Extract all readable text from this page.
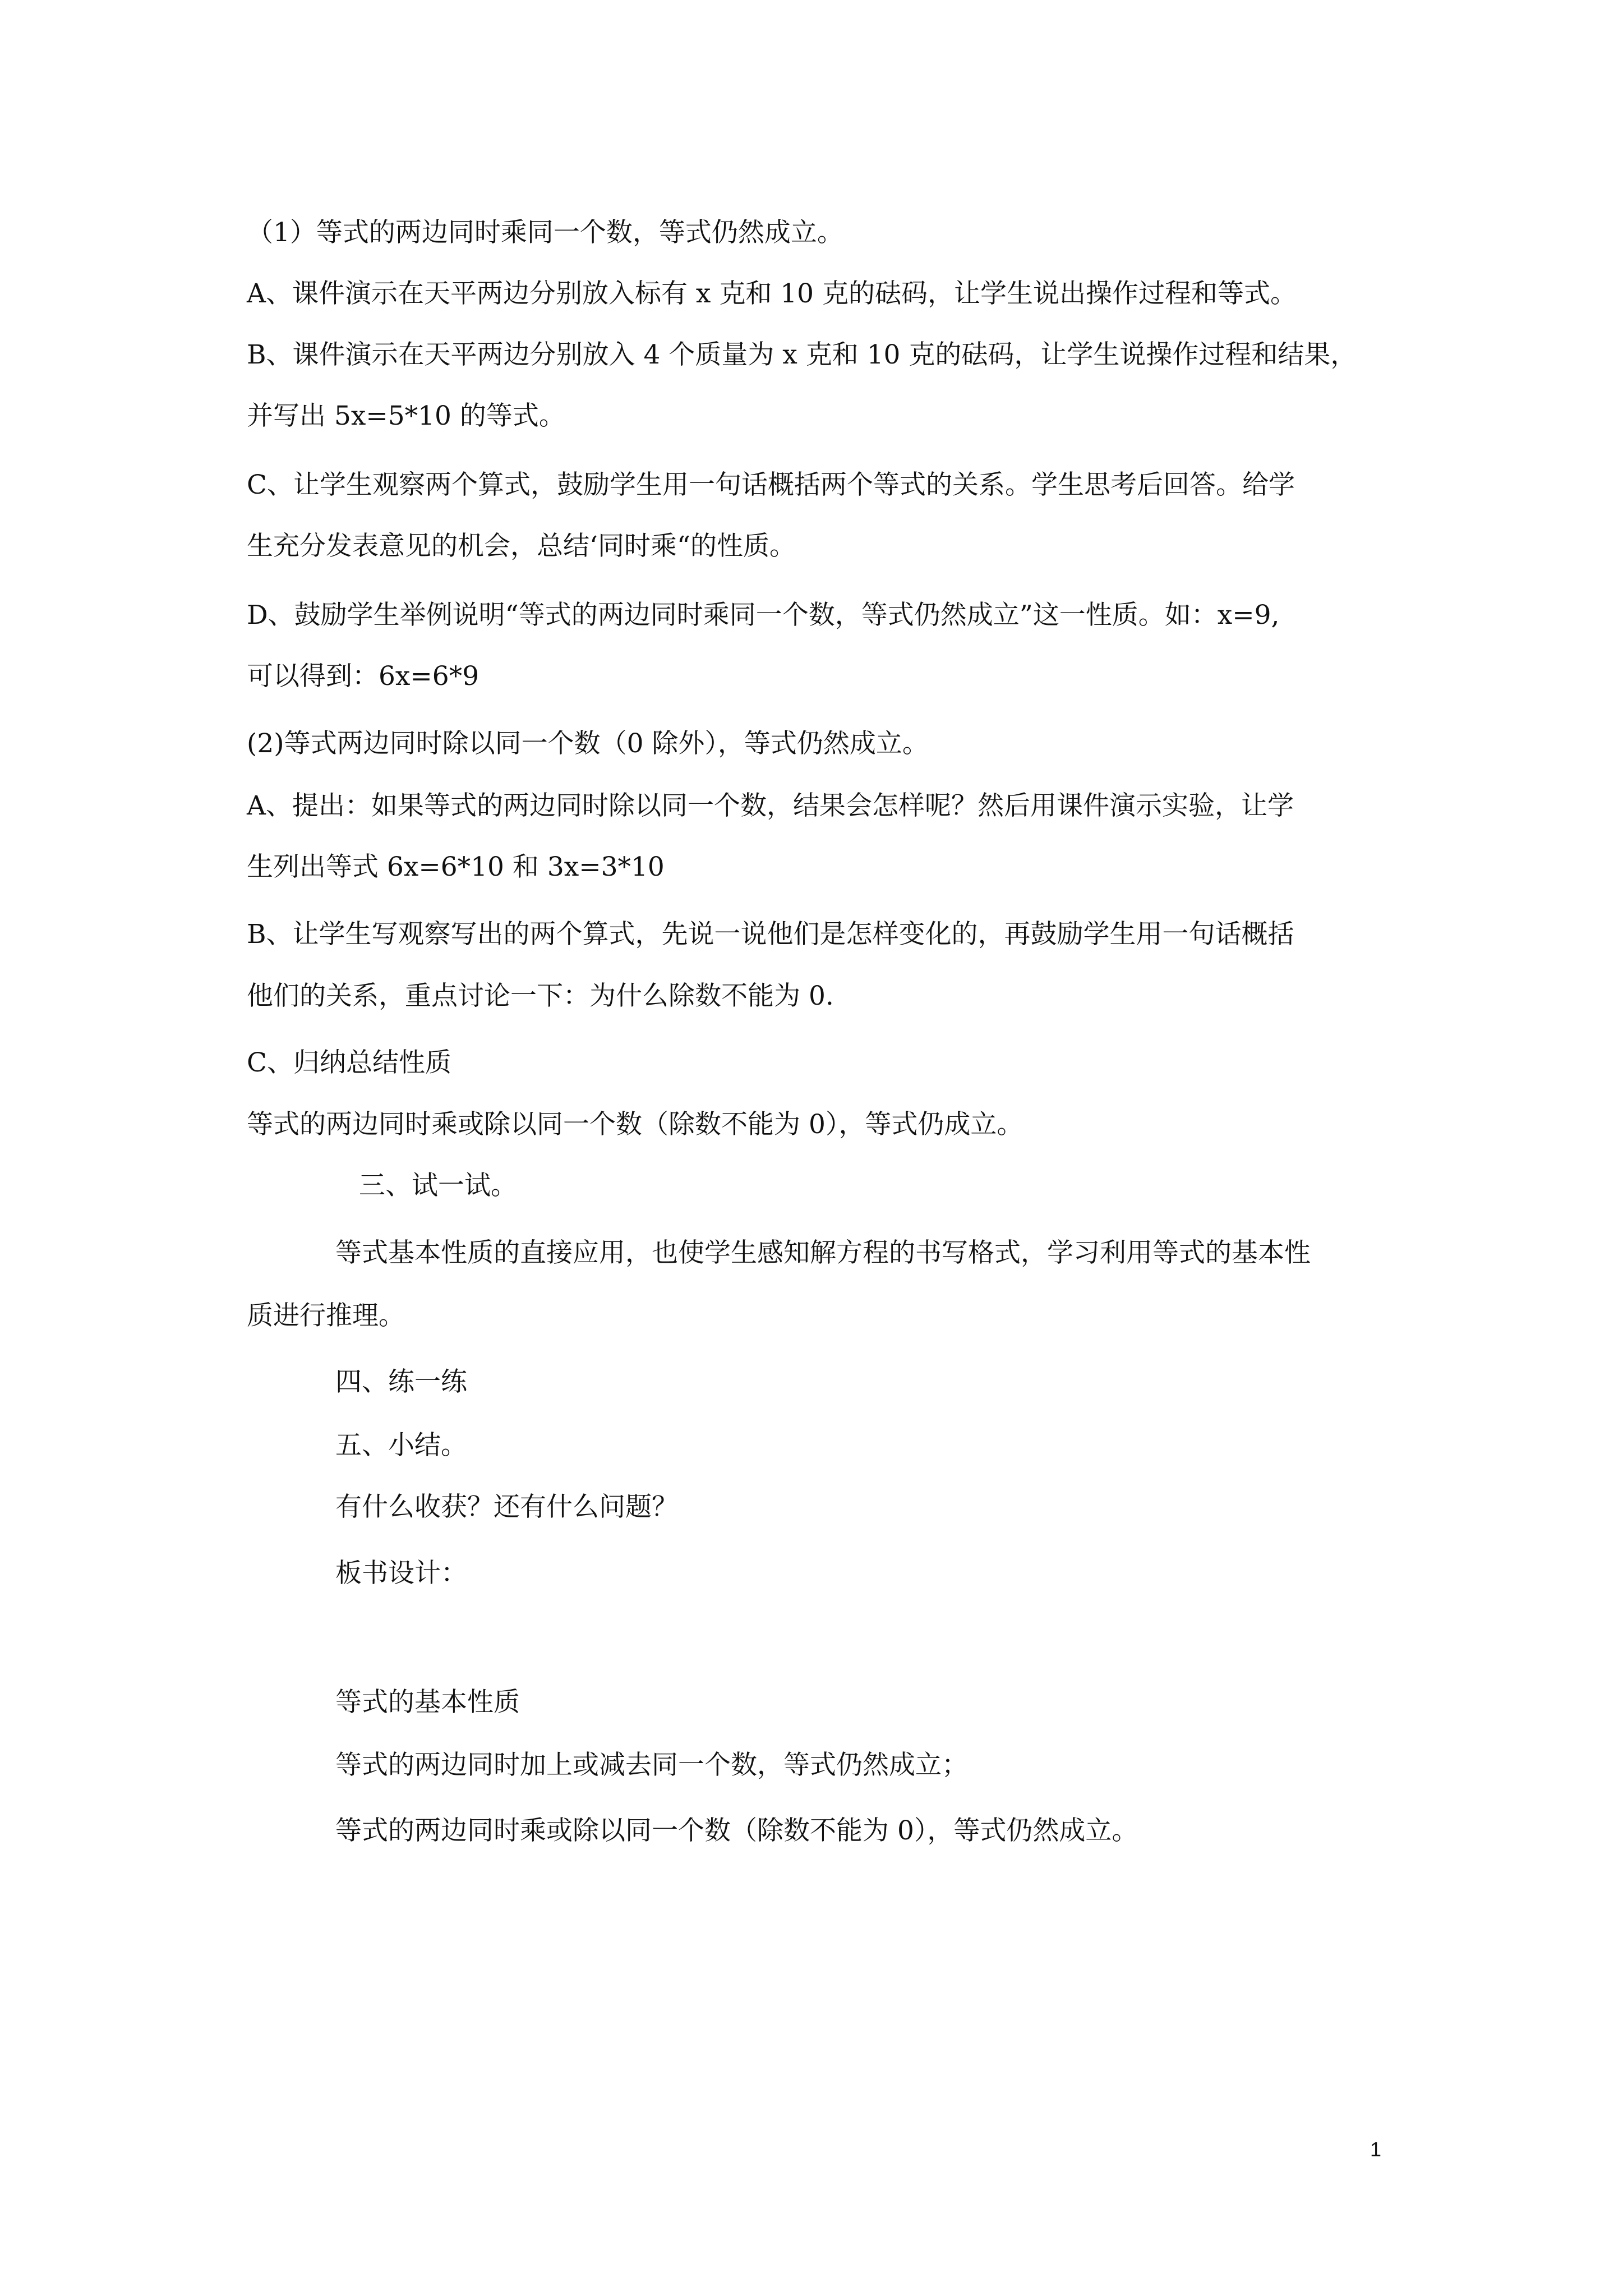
（1）等式的两边同时乘同一个数，等式仍然成立。
A、课件演示在天平两边分别放入标有 x 克和 10 克的砝码，让学生说出操作过程和等式。
B、课件演示在天平两边分别放入 4 个质量为 x 克和 10 克的砝码，让学生说操作过程和结果，
并写出 5x=5*10 的等式。
C、让学生观察两个算式，鼓励学生用一句话概括两个等式的关系。学生思考后回答。给学
生充分发表意见的机会，总结‘同时乘“的性质。
D、鼓励学生举例说明“等式的两边同时乘同一个数，等式仍然成立”这一性质。如：x=9,
可以得到：6x=6*9
(2)等式两边同时除以同一个数（0 除外），等式仍然成立。
A、提出：如果等式的两边同时除以同一个数，结果会怎样呢？然后用课件演示实验，让学
生列出等式 6x=6*10 和 3x=3*10
B、让学生写观察写出的两个算式，先说一说他们是怎样变化的，再鼓励学生用一句话概括
他们的关系，重点讨论一下：为什么除数不能为 0.
C、归纳总结性质
等式的两边同时乘或除以同一个数（除数不能为 0），等式仍成立。
三、试一试。
等式基本性质的直接应用，也使学生感知解方程的书写格式，学习利用等式的基本性
质进行推理。
四、练一练
五、小结。
有什么收获？还有什么问题？
板书设计：
等式的基本性质
等式的两边同时加上或减去同一个数，等式仍然成立；
等式的两边同时乘或除以同一个数（除数不能为 0），等式仍然成立。
1
